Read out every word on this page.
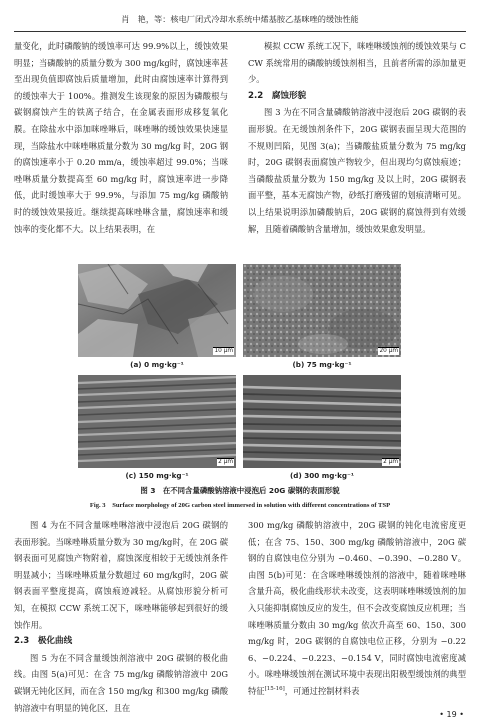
肖　艳，等：核电厂闭式冷却水系统中烯基胺乙基咪唑的缓蚀性能

量变化，此时磷酸钠的缓蚀率可达 99.9%以上，缓蚀效果明显；当磷酸钠的质量分数为 300 mg/kg时，腐蚀速率甚至出现负值即腐蚀后质量增加，此时由腐蚀速率计算得到的缓蚀率大于 100%。推测发生该现象的原因为磷酸根与碳钢腐蚀产生的铁离子结合，在金属表面形成移复氧化膜。在除盐水中添加咪唑啉后，咪唑啉的缓蚀效果快速显现，当除盐水中咪唑啉质量分数为 30 mg/kg 时，20G 钢的腐蚀速率小于 0.20 mm/a，缓蚀率超过 99.0%；当咪唑啉质量分数提高至 60 mg/kg 时，腐蚀速率进一步降低，此时缓蚀率大于 99.9%，与添加 75 mg/kg 磷酸钠时的缓蚀效果接近。继续提高咪唑啉含量，腐蚀速率和缓蚀率的变化都不大。以上结果表明，在

模拟 CCW 系统工况下，咪唑啉缓蚀剂的缓蚀效果与 CCW 系统常用的磷酸钠缓蚀剂相当，且前者所需的添加量更少。

2.2　腐蚀形貌

图 3 为在不同含量磷酸钠溶液中浸泡后 20G 碳钢的表面形貌。在无缓蚀剂条件下，20G 碳钢表面呈现大范围的不规则凹陷，见图 3(a)；当磷酸盐质量分数为 75 mg/kg 时，20G 碳钢表面腐蚀产物较少，但出现均匀腐蚀痕迹；当磷酸盐质量分数为 150 mg/kg 及以上时，20G 碳钢表面平整，基本无腐蚀产物，砂纸打磨残留的划痕清晰可见。以上结果说明添加磷酸钠后，20G 碳钢的腐蚀得到有效缓解，且随着磷酸钠含量增加，缓蚀效果愈发明显。

10 μm	20 μm
(a) 0 mg·kg⁻¹	(b) 75 mg·kg⁻¹
2 μm	2 μm
(c) 150 mg·kg⁻¹	(d) 300 mg·kg⁻¹
图 3　在不同含量磷酸钠溶液中浸泡后 20G 碳钢的表面形貌
Fig. 3　Surface morphology of 20G carbon steel immersed in solution with different concentrations of TSP

图 4 为在不同含量咪唑啉溶液中浸泡后 20G 碳钢的表面形貌。当咪唑啉质量分数为 30 mg/kg时，在 20G 碳钢表面可见腐蚀产物附着，腐蚀深度相较于无缓蚀剂条件明显减小；当咪唑啉质量分数超过 60 mg/kg时，20G 碳钢表面平整度提高，腐蚀痕迹减轻。从腐蚀形貌分析可知，在模拟 CCW 系统工况下，咪唑啉能够起到很好的缓蚀作用。

2.3　极化曲线

图 5 为在不同含量缓蚀剂溶液中 20G 碳钢的极化曲线。由图 5(a)可见：在含 75 mg/kg 磷酸钠溶液中 20G 碳钢无钝化区间，而在含 150 mg/kg 和300 mg/kg 磷酸钠溶液中有明显的钝化区，且在

300 mg/kg 磷酸钠溶液中，20G 碳钢的钝化电流密度更低；在含 75、150、300 mg/kg 磷酸钠溶液中，20G 碳钢的自腐蚀电位分别为 −0.460、−0.390、−0.280 V。由图 5(b)可见：在含咪唑啉缓蚀剂的溶液中，随着咪唑啉含量升高，极化曲线形状未改变，这表明咪唑啉缓蚀剂的加入只能抑制腐蚀反应的发生，但不会改变腐蚀反应机理；当咪唑啉质量分数由 30 mg/kg 依次升高至 60、150、300 mg/kg 时，20G 碳钢的自腐蚀电位正移，分别为 −0.226、−0.224、−0.223、−0.154 V，同时腐蚀电流密度减小。咪唑啉缓蚀剂在测试环境中表现出阳极型缓蚀剂的典型特征[15-16]，可通过控制材料表

• 19 •
